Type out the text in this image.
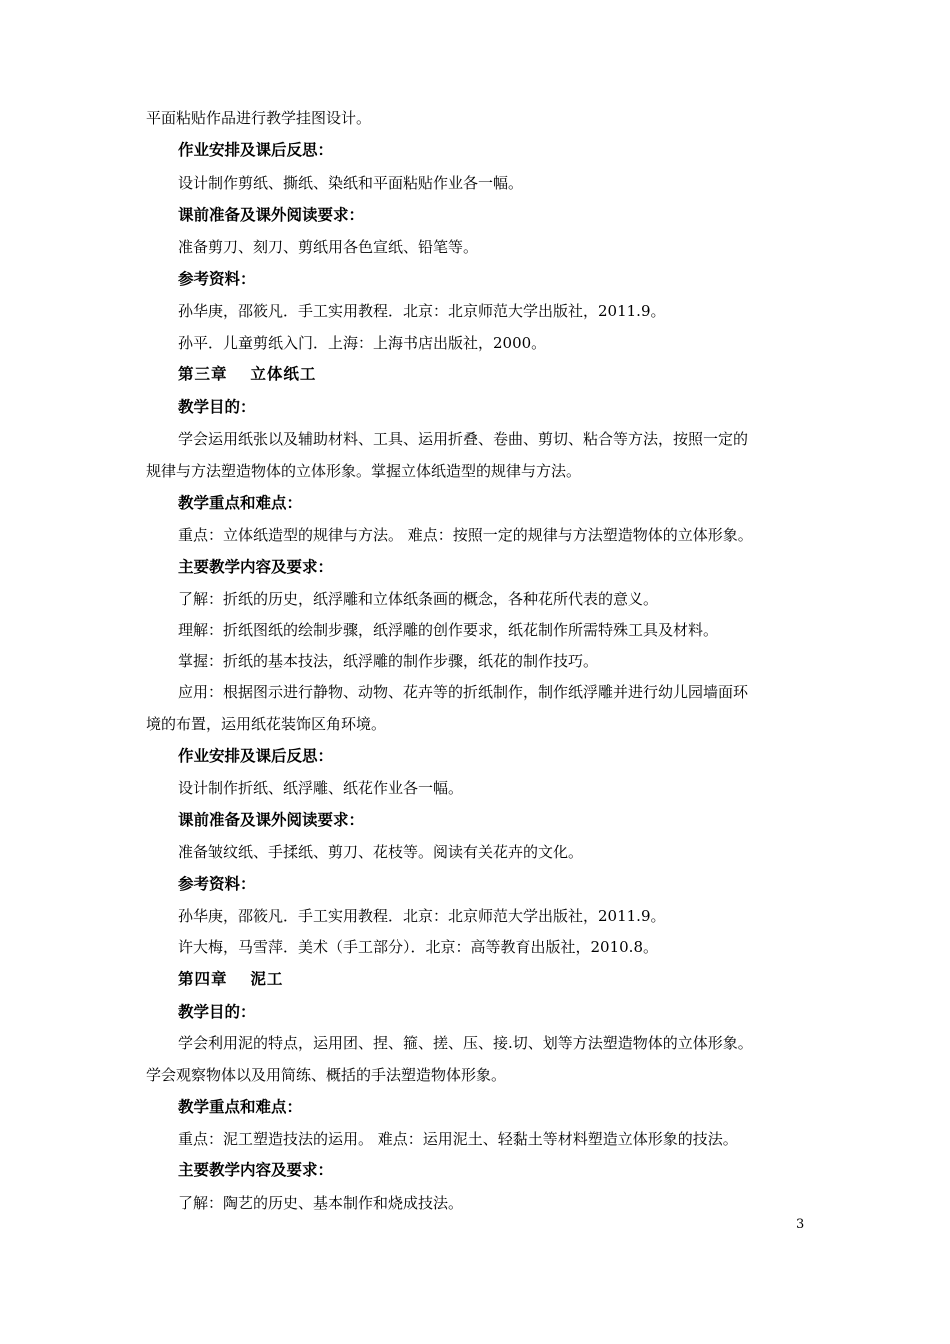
平面粘贴作品进行教学挂图设计。
作业安排及课后反思：
设计制作剪纸、撕纸、染纸和平面粘贴作业各一幅。
课前准备及课外阅读要求：
准备剪刀、刻刀、剪纸用各色宣纸、铅笔等。
参考资料：
孙华庚，邵筱凡．手工实用教程．北京：北京师范大学出版社，2011.9。
孙平．儿童剪纸入门．上海：上海书店出版社，2000。
第三章　 立体纸工
教学目的：
学会运用纸张以及辅助材料、工具、运用折叠、卷曲、剪切、粘合等方法，按照一定的
规律与方法塑造物体的立体形象。掌握立体纸造型的规律与方法。
教学重点和难点：
重点：立体纸造型的规律与方法。 难点：按照一定的规律与方法塑造物体的立体形象。
主要教学内容及要求：
了解：折纸的历史，纸浮雕和立体纸条画的概念，各种花所代表的意义。
理解：折纸图纸的绘制步骤，纸浮雕的创作要求，纸花制作所需特殊工具及材料。
掌握：折纸的基本技法，纸浮雕的制作步骤，纸花的制作技巧。
应用：根据图示进行静物、动物、花卉等的折纸制作，制作纸浮雕并进行幼儿园墙面环
境的布置，运用纸花装饰区角环境。
作业安排及课后反思：
设计制作折纸、纸浮雕、纸花作业各一幅。
课前准备及课外阅读要求：
准备皱纹纸、手揉纸、剪刀、花枝等。阅读有关花卉的文化。
参考资料：
孙华庚，邵筱凡．手工实用教程．北京：北京师范大学出版社，2011.9。
许大梅，马雪萍．美术（手工部分）．北京：高等教育出版社，2010.8。
第四章　 泥工
教学目的：
学会利用泥的特点，运用团、捏、箍、搓、压、接.切、划等方法塑造物体的立体形象。
学会观察物体以及用简练、概括的手法塑造物体形象。
教学重点和难点：
重点：泥工塑造技法的运用。 难点：运用泥土、轻黏土等材料塑造立体形象的技法。
主要教学内容及要求：
了解：陶艺的历史、基本制作和烧成技法。
3
